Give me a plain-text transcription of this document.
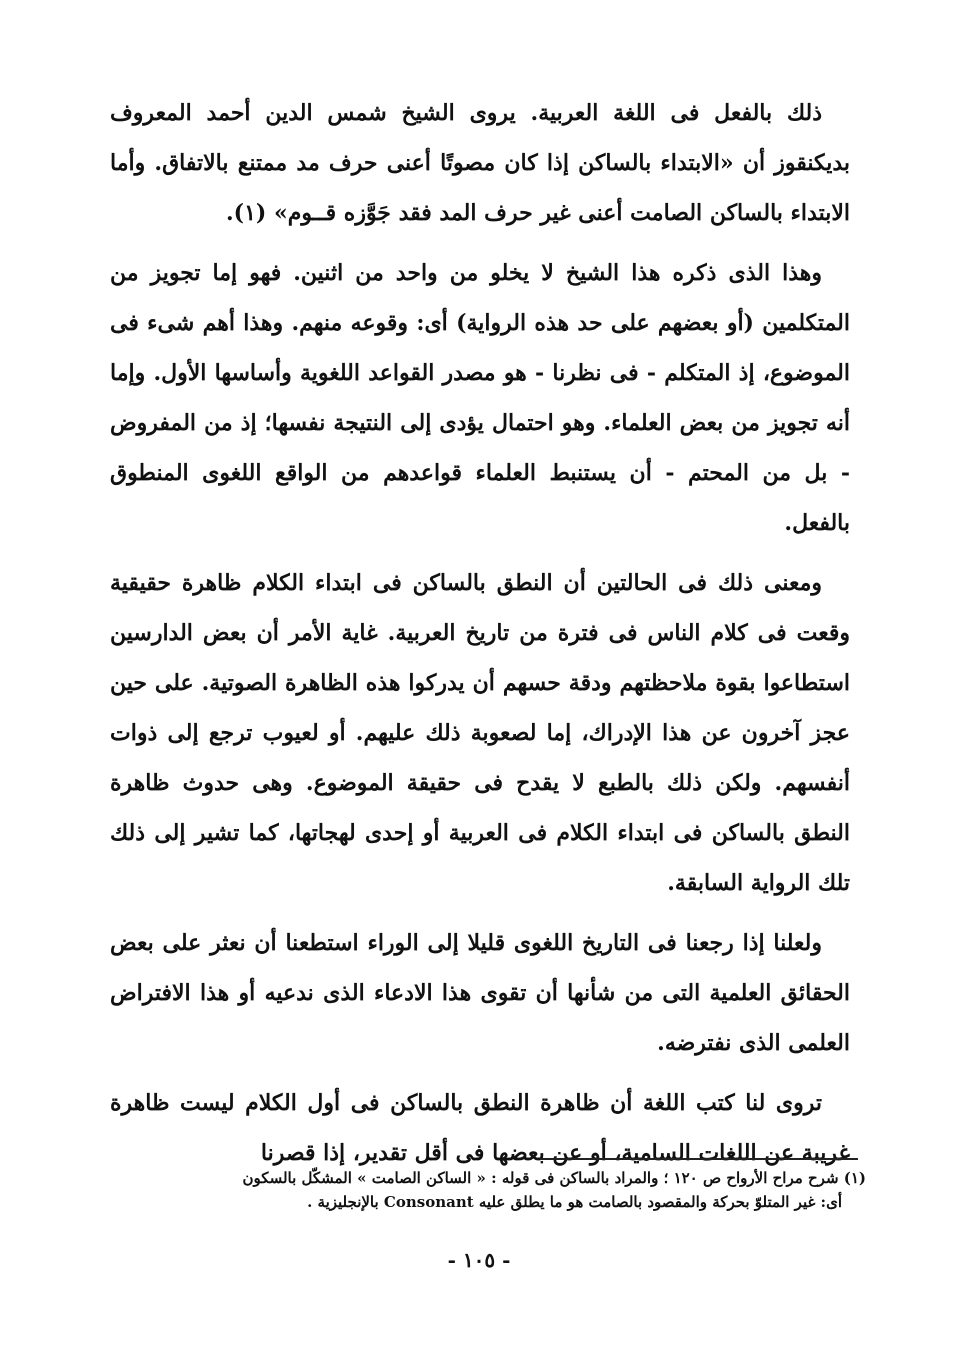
ذلك بالفعل فى اللغة العربية. يروى الشيخ شمس الدين أحمد المعروف بديكنقوز أن «الابتداء بالساكن إذا كان مصوتًا أعنى حرف مد ممتنع بالاتفاق. وأما الابتداء بالساكن الصامت أعنى غير حرف المد فقد جَوَّزه قــوم» (١).

وهذا الذى ذكره هذا الشيخ لا يخلو من واحد من اثنين. فهو إما تجويز من المتكلمين (أو بعضهم على حد هذه الرواية) أى: وقوعه منهم. وهذا أهم شىء فى الموضوع، إذ المتكلم - فى نظرنا - هو مصدر القواعد اللغوية وأساسها الأول. وإما أنه تجويز من بعض العلماء. وهو احتمال يؤدى إلى النتيجة نفسها؛ إذ من المفروض - بل من المحتم - أن يستنبط العلماء قواعدهم من الواقع اللغوى المنطوق بالفعل.

ومعنى ذلك فى الحالتين أن النطق بالساكن فى ابتداء الكلام ظاهرة حقيقية وقعت فى كلام الناس فى فترة من تاريخ العربية. غاية الأمر أن بعض الدارسين استطاعوا بقوة ملاحظتهم ودقة حسهم أن يدركوا هذه الظاهرة الصوتية. على حين عجز آخرون عن هذا الإدراك، إما لصعوبة ذلك عليهم. أو لعيوب ترجع إلى ذوات أنفسهم. ولكن ذلك بالطبع لا يقدح فى حقيقة الموضوع. وهى حدوث ظاهرة النطق بالساكن فى ابتداء الكلام فى العربية أو إحدى لهجاتها، كما تشير إلى ذلك تلك الرواية السابقة.

ولعلنا إذا رجعنا فى التاريخ اللغوى قليلا إلى الوراء استطعنا أن نعثر على بعض الحقائق العلمية التى من شأنها أن تقوى هذا الادعاء الذى ندعيه أو هذا الافتراض العلمى الذى نفترضه.

تروى لنا كتب اللغة أن ظاهرة النطق بالساكن فى أول الكلام ليست ظاهرة غريبة عن اللغات السامية، أو عن بعضها فى أقل تقدير، إذا قصرنا

(١) شرح مراح الأرواح ص ١٢٠ ؛ والمراد بالساكن فى قوله : « الساكن الصامت » المشكّل بالسكون

أى: غير المتلوّ بحركة والمقصود بالصامت هو ما يطلق عليه Consonant بالإنجليزية .

- ١٠٥ -
